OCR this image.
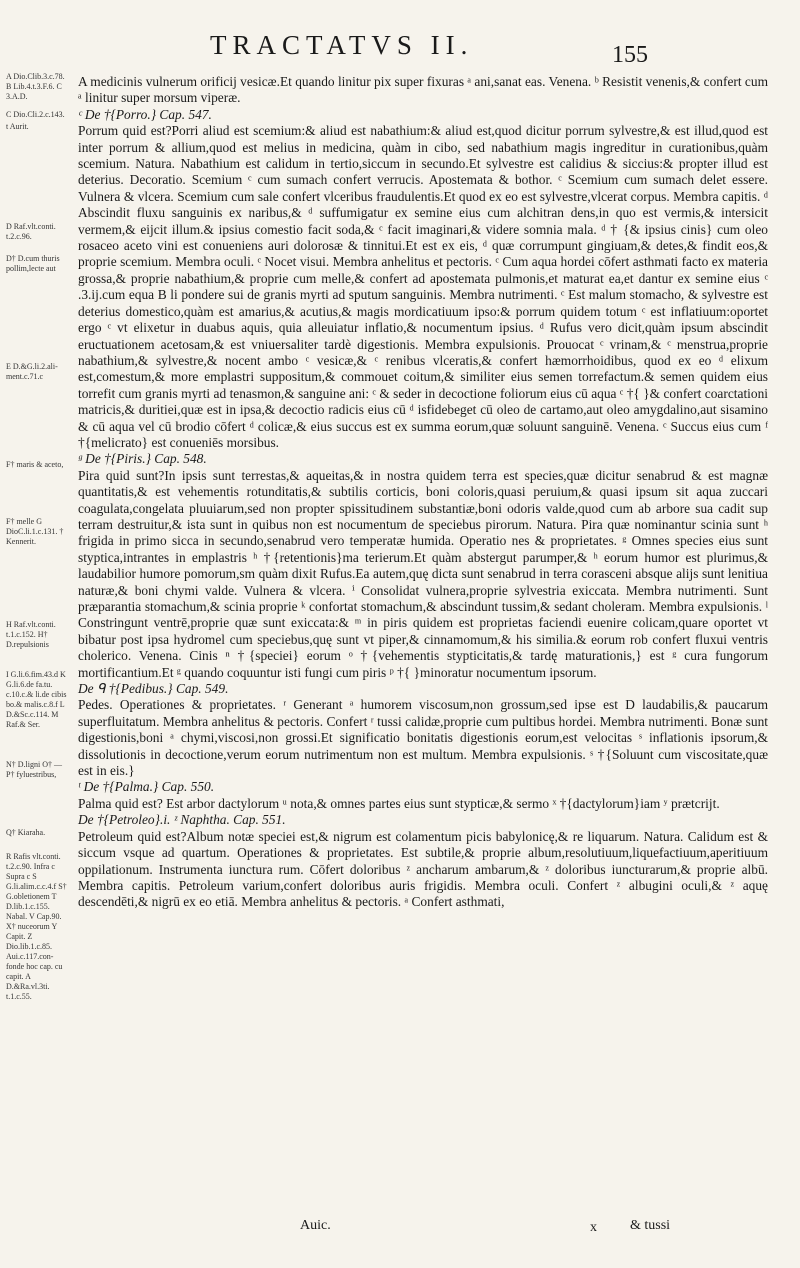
TRACTATVS II.	155
A Dio.Clib.3.c.78. B Lib.4.t.3.F.6. C 3.A.D.
C Dio.Cli.2.c.143.
t Aurit.
D Raf.vlt.conti. t.2.c.96.
D† D.cum thuris pollim,lecte aut
E D.&G.li.2.ali-ment.c.71.c
F† maris & aceto,
F† melle G DioC.li.1.c.131. † Kennerit.
H Raf.vlt.conti. t.1.c.152. H† D.repulsionis
I G.li.6.fim.43.d K G.li.6.de fa.tu. c.10.c.& li.de cibis bo.& malis.c.8.f L D.&Sc.c.114. M Raf.& Ser.
N† D.ligni O† — P† fyluestribus,
Q† Kiaraha.
R Rafis vlt.conti. t.2.c.90. Infra c Supra c S G.li.alim.c.c.4.f S† G.obletionem T D.lib.1.c.155. Nabal. V Cap.90. X† nuceorum Y Capit. Z Dio.lib.1.c.85. Aui.c.117.con- fonde hoc cap. cu capit. A D.&Ra.vl.3ti. t.1.c.55.

A medicinis vulnerum orificij vesicæ.Et quando linitur pix super fixuras ᵃ ani,sanat eas. Venena. ᵇ Resistit venenis,& confert cum ᵃ linitur super morsum viperæ.

ᶜ De †{Porro.} Cap. 547.

Porrum quid est?Porri aliud est scemium:& aliud est nabathium:& aliud est,quod dicitur porrum sylvestre,& est illud,quod est inter porrum & allium,quod est melius in medicina, quàm in cibo, sed nabathium magis ingreditur in curationibus,quàm scemium. Natura. Nabathium est calidum in tertio,siccum in secundo.Et sylvestre est calidius & siccius:& propter illud est deterius. Decoratio. Scemium ᶜ cum sumach confert verrucis. Apostemata & bothor. ᶜ Scemium cum sumach delet essere. Vulnera & vlcera. Scemium cum sale confert vlceribus fraudulentis.Et quod ex eo est sylvestre,vlcerat corpus. Membra capitis. ᵈ Abscindit fluxu sanguinis ex naribus,& ᵈ suffumigatur ex semine eius cum alchitran dens,in quo est vermis,& intersicit vermem,& eijcit illum.& ipsius comestio facit soda,& ᶜ facit imaginari,& videre somnia mala. ᵈ † {& ipsius cinis} cum oleo rosaceo aceto vini est conueniens auri dolorosæ & tinnitui.Et est ex eis, ᵈ quæ corrumpunt gingiuam,& detes,& findit eos,& proprie scemium. Membra oculi. ᶜ Nocet visui. Membra anhelitus et pectoris. ᶜ Cum aqua hordei cōfert asthmati facto ex materia grossa,& proprie nabathium,& proprie cum melle,& confert ad apostemata pulmonis,et maturat ea,et dantur ex semine eius ᶜ .3.ij.cum equa B li pondere sui de granis myrti ad sputum sanguinis. Membra nutrimenti. ᶜ Est malum stomacho, & sylvestre est deterius domestico,quàm est amarius,& acutius,& magis mordicatiuum ipso:& porrum quidem totum ᶜ est inflatiuum:oportet ergo ᶜ vt elixetur in duabus aquis, quia alleuiatur inflatio,& nocumentum ipsius. ᵈ Rufus vero dicit,quàm ipsum abscindit eructuationem acetosam,& est vniuersaliter tardè digestionis. Membra expulsionis. Prouocat ᶜ vrinam,& ᶜ menstrua,proprie nabathium,& sylvestre,& nocent ambo ᶜ vesicæ,& ᶜ renibus vlceratis,& confert hæmorrhoidibus, quod ex eo ᵈ elixum est,comestum,& more emplastri suppositum,& commouet coitum,& similiter eius semen torrefactum.& semen quidem eius torrefit cum granis myrti ad tenasmon,& sanguine ani: ᶜ & seder in decoctione foliorum eius cū aqua ᶜ †{ }& confert coarctationi matricis,& duritiei,quæ est in ipsa,& decoctio radicis eius cū ᵈ isfidebeget cū oleo de cartamo,aut oleo amygdalino,aut sisamino & cū aqua vel cū brodio cōfert ᵈ colicæ,& eius succus est ex summa eorum,quæ soluunt sanguinē. Venena. ᶜ Succus eius cum ᶠ †{melicrato} est conueniēs morsibus.

ᵍ De †{Piris.} Cap. 548.

Pira quid sunt?In ipsis sunt terrestas,& aqueitas,& in nostra quidem terra est species,quæ dicitur senabrud & est magnæ quantitatis,& est vehementis rotunditatis,& subtilis corticis, boni coloris,quasi peruium,& quasi ipsum sit aqua zuccari coagulata,congelata pluuiarum,sed non propter spissitudinem substantiæ,boni odoris valde,quod cum ab arbore sua cadit sup terram destruitur,& ista sunt in quibus non est nocumentum de speciebus pirorum. Natura. Pira quæ nominantur scinia sunt ʰ frigida in primo sicca in secundo,senabrud vero temperatæ humida. Operatio nes & proprietates. ᵍ Omnes species eius sunt styptica,intrantes in emplastris ʰ †{retentionis}ma terierum.Et quàm abstergut parumper,& ʰ eorum humor est plurimus,& laudabilior humore pomorum,sm quàm dixit Rufus.Ea autem,quę dicta sunt senabrud in terra corasceni absque alijs sunt lenitiua naturæ,& boni chymi valde. Vulnera & vlcera. ⁱ Consolidat vulnera,proprie sylvestria exiccata. Membra nutrimenti. Sunt præparantia stomachum,& scinia proprie ᵏ confortat stomachum,& abscindunt tussim,& sedant choleram. Membra expulsionis. ˡ Constringunt ventrē,proprie quæ sunt exiccata:& ᵐ in piris quidem est proprietas faciendi euenire colicam,quare oportet vt bibatur post ipsa hydromel cum speciebus,quę sunt vt piper,& cinnamomum,& his similia.& eorum rob confert fluxui ventris cholerico. Venena. Cinis ⁿ †{speciei} eorum ᵒ †{vehementis stypticitatis,& tardę maturationis,} est ᵍ cura fungorum mortificantium.Et ᵍ quando coquuntur isti fungi cum piris ᵖ †{ }minoratur nocumentum ipsorum.

De ᑫ †{Pedibus.} Cap. 549.

Pedes. Operationes & proprietates. ʳ Generant ᵃ humorem viscosum,non grossum,sed ipse est D laudabilis,& paucarum superfluitatum. Membra anhelitus & pectoris. Confert ʳ tussi calidæ,proprie cum pultibus hordei. Membra nutrimenti. Bonæ sunt digestionis,boni ᵃ chymi,viscosi,non grossi.Et significatio bonitatis digestionis eorum,est velocitas ˢ inflationis ipsorum,& dissolutionis in decoctione,verum eorum nutrimentum non est multum. Membra expulsionis. ˢ †{Soluunt cum viscositate,quæ est in eis.}

ᵗ De †{Palma.} Cap. 550.

Palma quid est? Est arbor dactylorum ᵘ nota,& omnes partes eius sunt stypticæ,& sermo ˣ †{dactylorum}iam ʸ prætcrijt.

De †{Petroleo}.i. ᶻ Naphtha. Cap. 551.

Petroleum quid est?Album notæ speciei est,& nigrum est colamentum picis babylonicę,& re liquarum. Natura. Calidum est & siccum vsque ad quartum. Operationes & proprietates. Est subtile,& proprie album,resolutiuum,liquefactiuum,aperitiuum oppilationum. Instrumenta iunctura rum. Cōfert doloribus ᶻ ancharum ambarum,& ᶻ doloribus iuncturarum,& proprie albū. Membra capitis. Petroleum varium,confert doloribus auris frigidis. Membra oculi. Confert ᶻ albugini oculi,& ᶻ aquę descendēti,& nigrū ex eo etiā. Membra anhelitus & pectoris. ᵃ Confert asthmati,

Auic.	x & tussi
